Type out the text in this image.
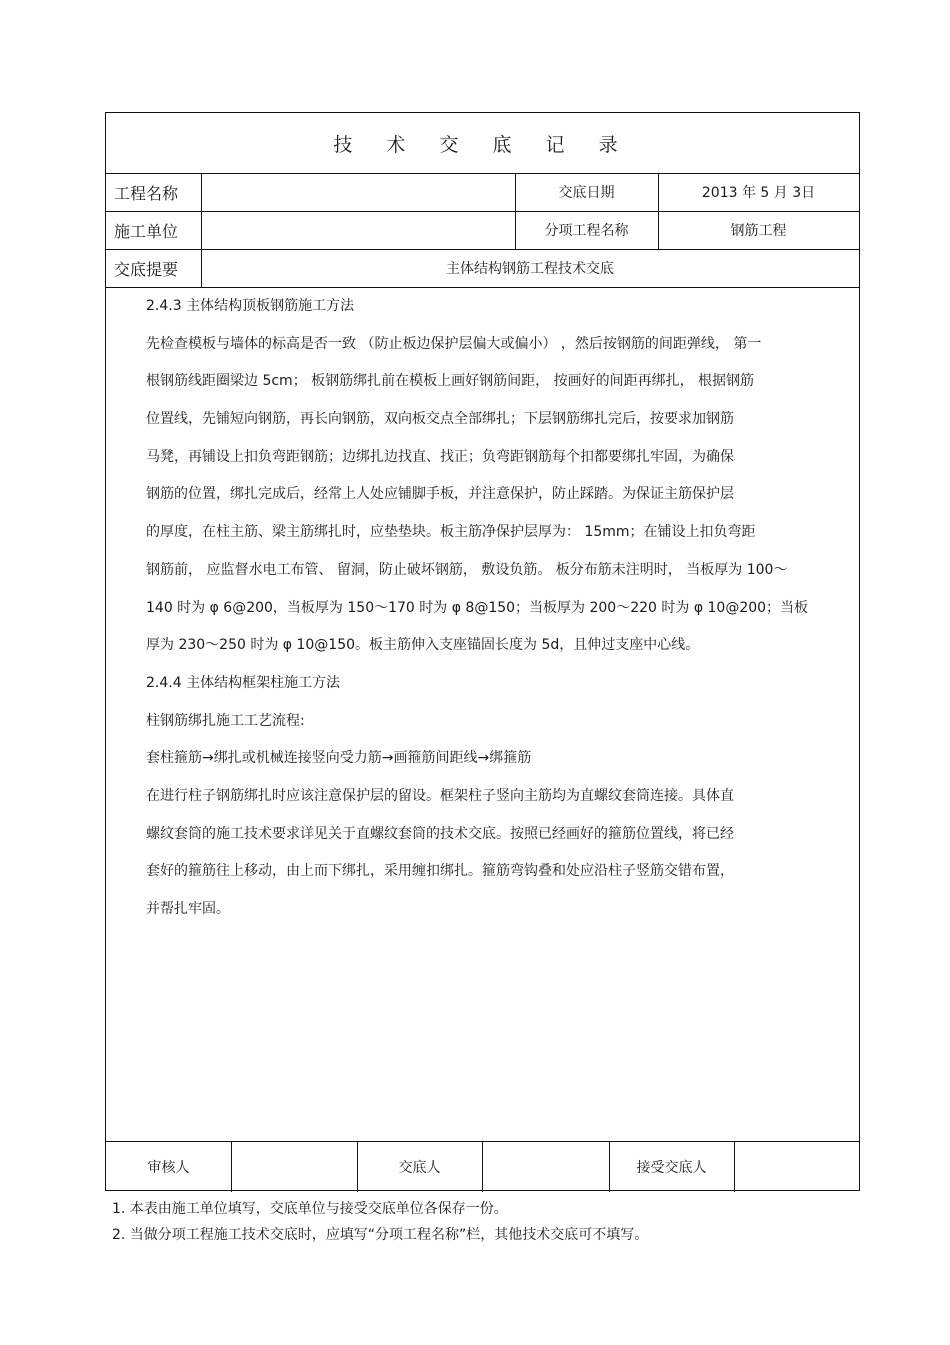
技 术 交 底 记 录
工程名称	交底日期	2013 年 5 月 3日
施工单位	分项工程名称	钢筋工程
交底提要	主体结构钢筋工程技术交底
2.4.3 主体结构顶板钢筋施工方法
先检查模板与墙体的标高是否一致 （防止板边保护层偏大或偏小） ，然后按钢筋的间距弹线， 第一
根钢筋线距圈梁边 5cm； 板钢筋绑扎前在模板上画好钢筋间距， 按画好的间距再绑扎， 根据钢筋
位置线，先铺短向钢筋，再长向钢筋，双向板交点全部绑扎；下层钢筋绑扎完后，按要求加钢筋
马凳，再铺设上扣负弯距钢筋；边绑扎边找直、找正；负弯距钢筋每个扣都要绑扎牢固，为确保
钢筋的位置，绑扎完成后，经常上人处应铺脚手板，并注意保护，防止踩踏。为保证主筋保护层
的厚度，在柱主筋、梁主筋绑扎时，应垫垫块。板主筋净保护层厚为： 15mm；在铺设上扣负弯距
钢筋前， 应监督水电工布管、 留洞，防止破坏钢筋， 敷设负筋。 板分布筋未注明时， 当板厚为 100～
140 时为 φ 6@200，当板厚为 150～170 时为 φ 8@150；当板厚为 200～220 时为 φ 10@200；当板
厚为 230～250 时为 φ 10@150。板主筋伸入支座锚固长度为 5d，且伸过支座中心线。
2.4.4 主体结构框架柱施工方法
柱钢筋绑扎施工工艺流程:
套柱箍筋→绑扎或机械连接竖向受力筋→画箍筋间距线→绑箍筋
在进行柱子钢筋绑扎时应该注意保护层的留设。框架柱子竖向主筋均为直螺纹套筒连接。具体直
螺纹套筒的施工技术要求详见关于直螺纹套筒的技术交底。按照已经画好的箍筋位置线，将已经
套好的箍筋往上移动，由上而下绑扎，采用缠扣绑扎。箍筋弯钩叠和处应沿柱子竖筋交错布置，
并帮扎牢固。
审核人	交底人	接受交底人
1. 本表由施工单位填写，交底单位与接受交底单位各保存一份。
2. 当做分项工程施工技术交底时，应填写“分项工程名称”栏，其他技术交底可不填写。
